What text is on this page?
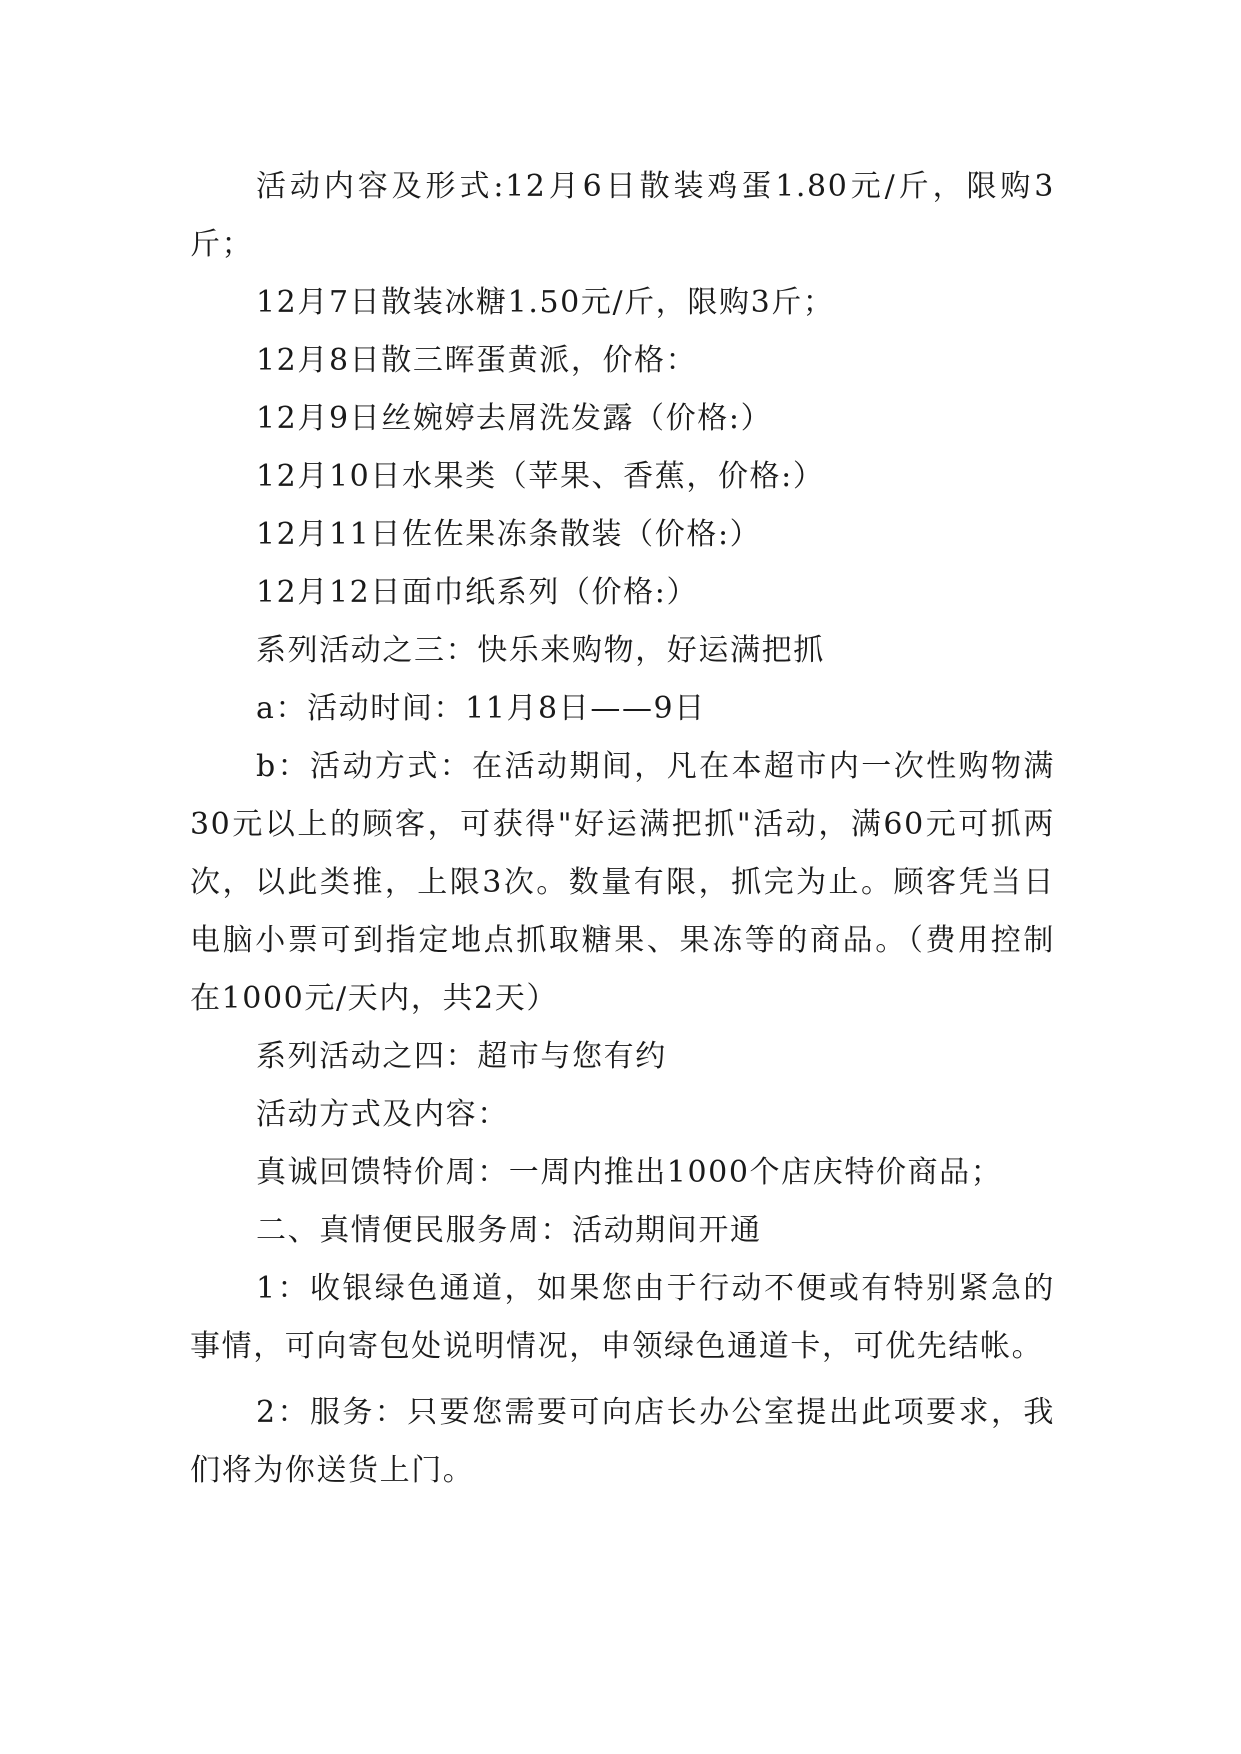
活动内容及形式:12月6日散装鸡蛋1.80元/斤，限购3斤；

12月7日散装冰糖1.50元/斤，限购3斤；

12月8日散三晖蛋黄派，价格：

12月9日丝婉婷去屑洗发露（价格:）

12月10日水果类（苹果、香蕉，价格:）

12月11日佐佐果冻条散装（价格:）

12月12日面巾纸系列（价格:）

系列活动之三：快乐来购物，好运满把抓

a：活动时间：11月8日——9日

b：活动方式：在活动期间，凡在本超市内一次性购物满30元以上的顾客，可获得"好运满把抓"活动，满60元可抓两次，以此类推，上限3次。数量有限，抓完为止。顾客凭当日电脑小票可到指定地点抓取糖果、果冻等的商品。（费用控制在1000元/天内，共2天）

系列活动之四：超市与您有约

活动方式及内容：

真诚回馈特价周：一周内推出1000个店庆特价商品；

二、真情便民服务周：活动期间开通

1：收银绿色通道，如果您由于行动不便或有特别紧急的事情，可向寄包处说明情况，申领绿色通道卡，可优先结帐。

2：服务：只要您需要可向店长办公室提出此项要求，我们将为你送货上门。
